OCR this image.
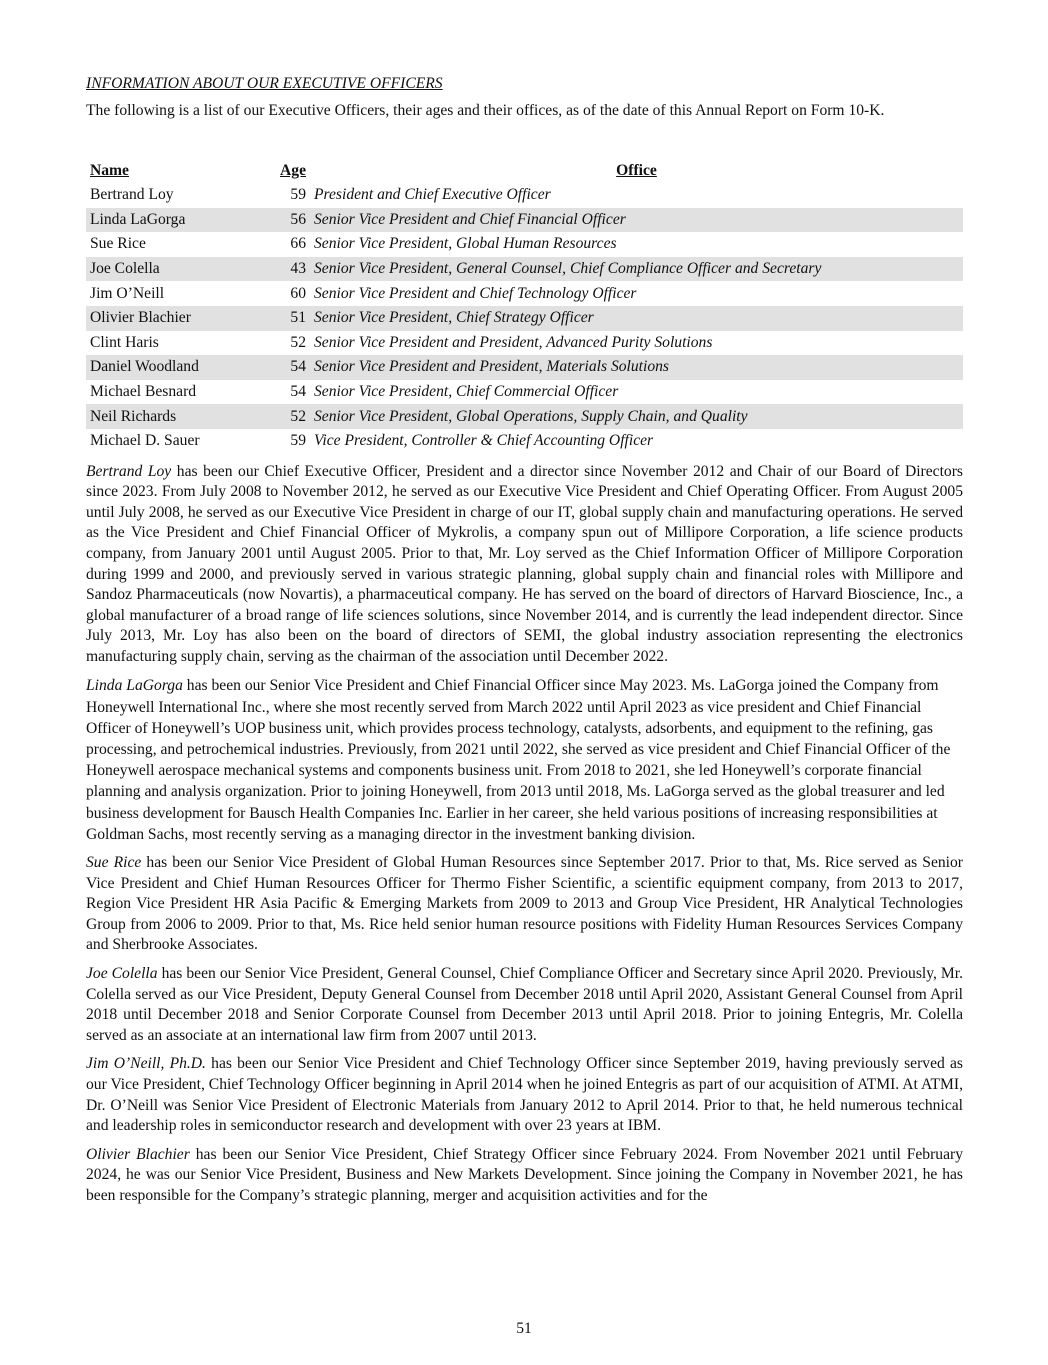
INFORMATION ABOUT OUR EXECUTIVE OFFICERS

The following is a list of our Executive Officers, their ages and their offices, as of the date of this Annual Report on Form 10-K.

Name	Age	Office
Bertrand Loy	59	President and Chief Executive Officer
Linda LaGorga	56	Senior Vice President and Chief Financial Officer
Sue Rice	66	Senior Vice President, Global Human Resources
Joe Colella	43	Senior Vice President, General Counsel, Chief Compliance Officer and Secretary
Jim O’Neill	60	Senior Vice President and Chief Technology Officer
Olivier Blachier	51	Senior Vice President, Chief Strategy Officer
Clint Haris	52	Senior Vice President and President, Advanced Purity Solutions
Daniel Woodland	54	Senior Vice President and President, Materials Solutions
Michael Besnard	54	Senior Vice President, Chief Commercial Officer
Neil Richards	52	Senior Vice President, Global Operations, Supply Chain, and Quality
Michael D. Sauer	59	Vice President, Controller & Chief Accounting Officer

Bertrand Loy has been our Chief Executive Officer, President and a director since November 2012 and Chair of our Board of Directors since 2023. From July 2008 to November 2012, he served as our Executive Vice President and Chief Operating Officer. From August 2005 until July 2008, he served as our Executive Vice President in charge of our IT, global supply chain and manufacturing operations. He served as the Vice President and Chief Financial Officer of Mykrolis, a company spun out of Millipore Corporation, a life science products company, from January 2001 until August 2005. Prior to that, Mr. Loy served as the Chief Information Officer of Millipore Corporation during 1999 and 2000, and previously served in various strategic planning, global supply chain and financial roles with Millipore and Sandoz Pharmaceuticals (now Novartis), a pharmaceutical company. He has served on the board of directors of Harvard Bioscience, Inc., a global manufacturer of a broad range of life sciences solutions, since November 2014, and is currently the lead independent director. Since July 2013, Mr. Loy has also been on the board of directors of SEMI, the global industry association representing the electronics manufacturing supply chain, serving as the chairman of the association until December 2022.

Linda LaGorga has been our Senior Vice President and Chief Financial Officer since May 2023. Ms. LaGorga joined the Company from Honeywell International Inc., where she most recently served from March 2022 until April 2023 as vice president and Chief Financial Officer of Honeywell’s UOP business unit, which provides process technology, catalysts, adsorbents, and equipment to the refining, gas processing, and petrochemical industries. Previously, from 2021 until 2022, she served as vice president and Chief Financial Officer of the Honeywell aerospace mechanical systems and components business unit. From 2018 to 2021, she led Honeywell’s corporate financial planning and analysis organization. Prior to joining Honeywell, from 2013 until 2018, Ms. LaGorga served as the global treasurer and led business development for Bausch Health Companies Inc. Earlier in her career, she held various positions of increasing responsibilities at Goldman Sachs, most recently serving as a managing director in the investment banking division.

Sue Rice has been our Senior Vice President of Global Human Resources since September 2017. Prior to that, Ms. Rice served as Senior Vice President and Chief Human Resources Officer for Thermo Fisher Scientific, a scientific equipment company, from 2013 to 2017, Region Vice President HR Asia Pacific & Emerging Markets from 2009 to 2013 and Group Vice President, HR Analytical Technologies Group from 2006 to 2009. Prior to that, Ms. Rice held senior human resource positions with Fidelity Human Resources Services Company and Sherbrooke Associates.

Joe Colella has been our Senior Vice President, General Counsel, Chief Compliance Officer and Secretary since April 2020. Previously, Mr. Colella served as our Vice President, Deputy General Counsel from December 2018 until April 2020, Assistant General Counsel from April 2018 until December 2018 and Senior Corporate Counsel from December 2013 until April 2018. Prior to joining Entegris, Mr. Colella served as an associate at an international law firm from 2007 until 2013.

Jim O’Neill, Ph.D. has been our Senior Vice President and Chief Technology Officer since September 2019, having previously served as our Vice President, Chief Technology Officer beginning in April 2014 when he joined Entegris as part of our acquisition of ATMI. At ATMI, Dr. O’Neill was Senior Vice President of Electronic Materials from January 2012 to April 2014. Prior to that, he held numerous technical and leadership roles in semiconductor research and development with over 23 years at IBM.

Olivier Blachier has been our Senior Vice President, Chief Strategy Officer since February 2024. From November 2021 until February 2024, he was our Senior Vice President, Business and New Markets Development. Since joining the Company in November 2021, he has been responsible for the Company’s strategic planning, merger and acquisition activities and for the

51
